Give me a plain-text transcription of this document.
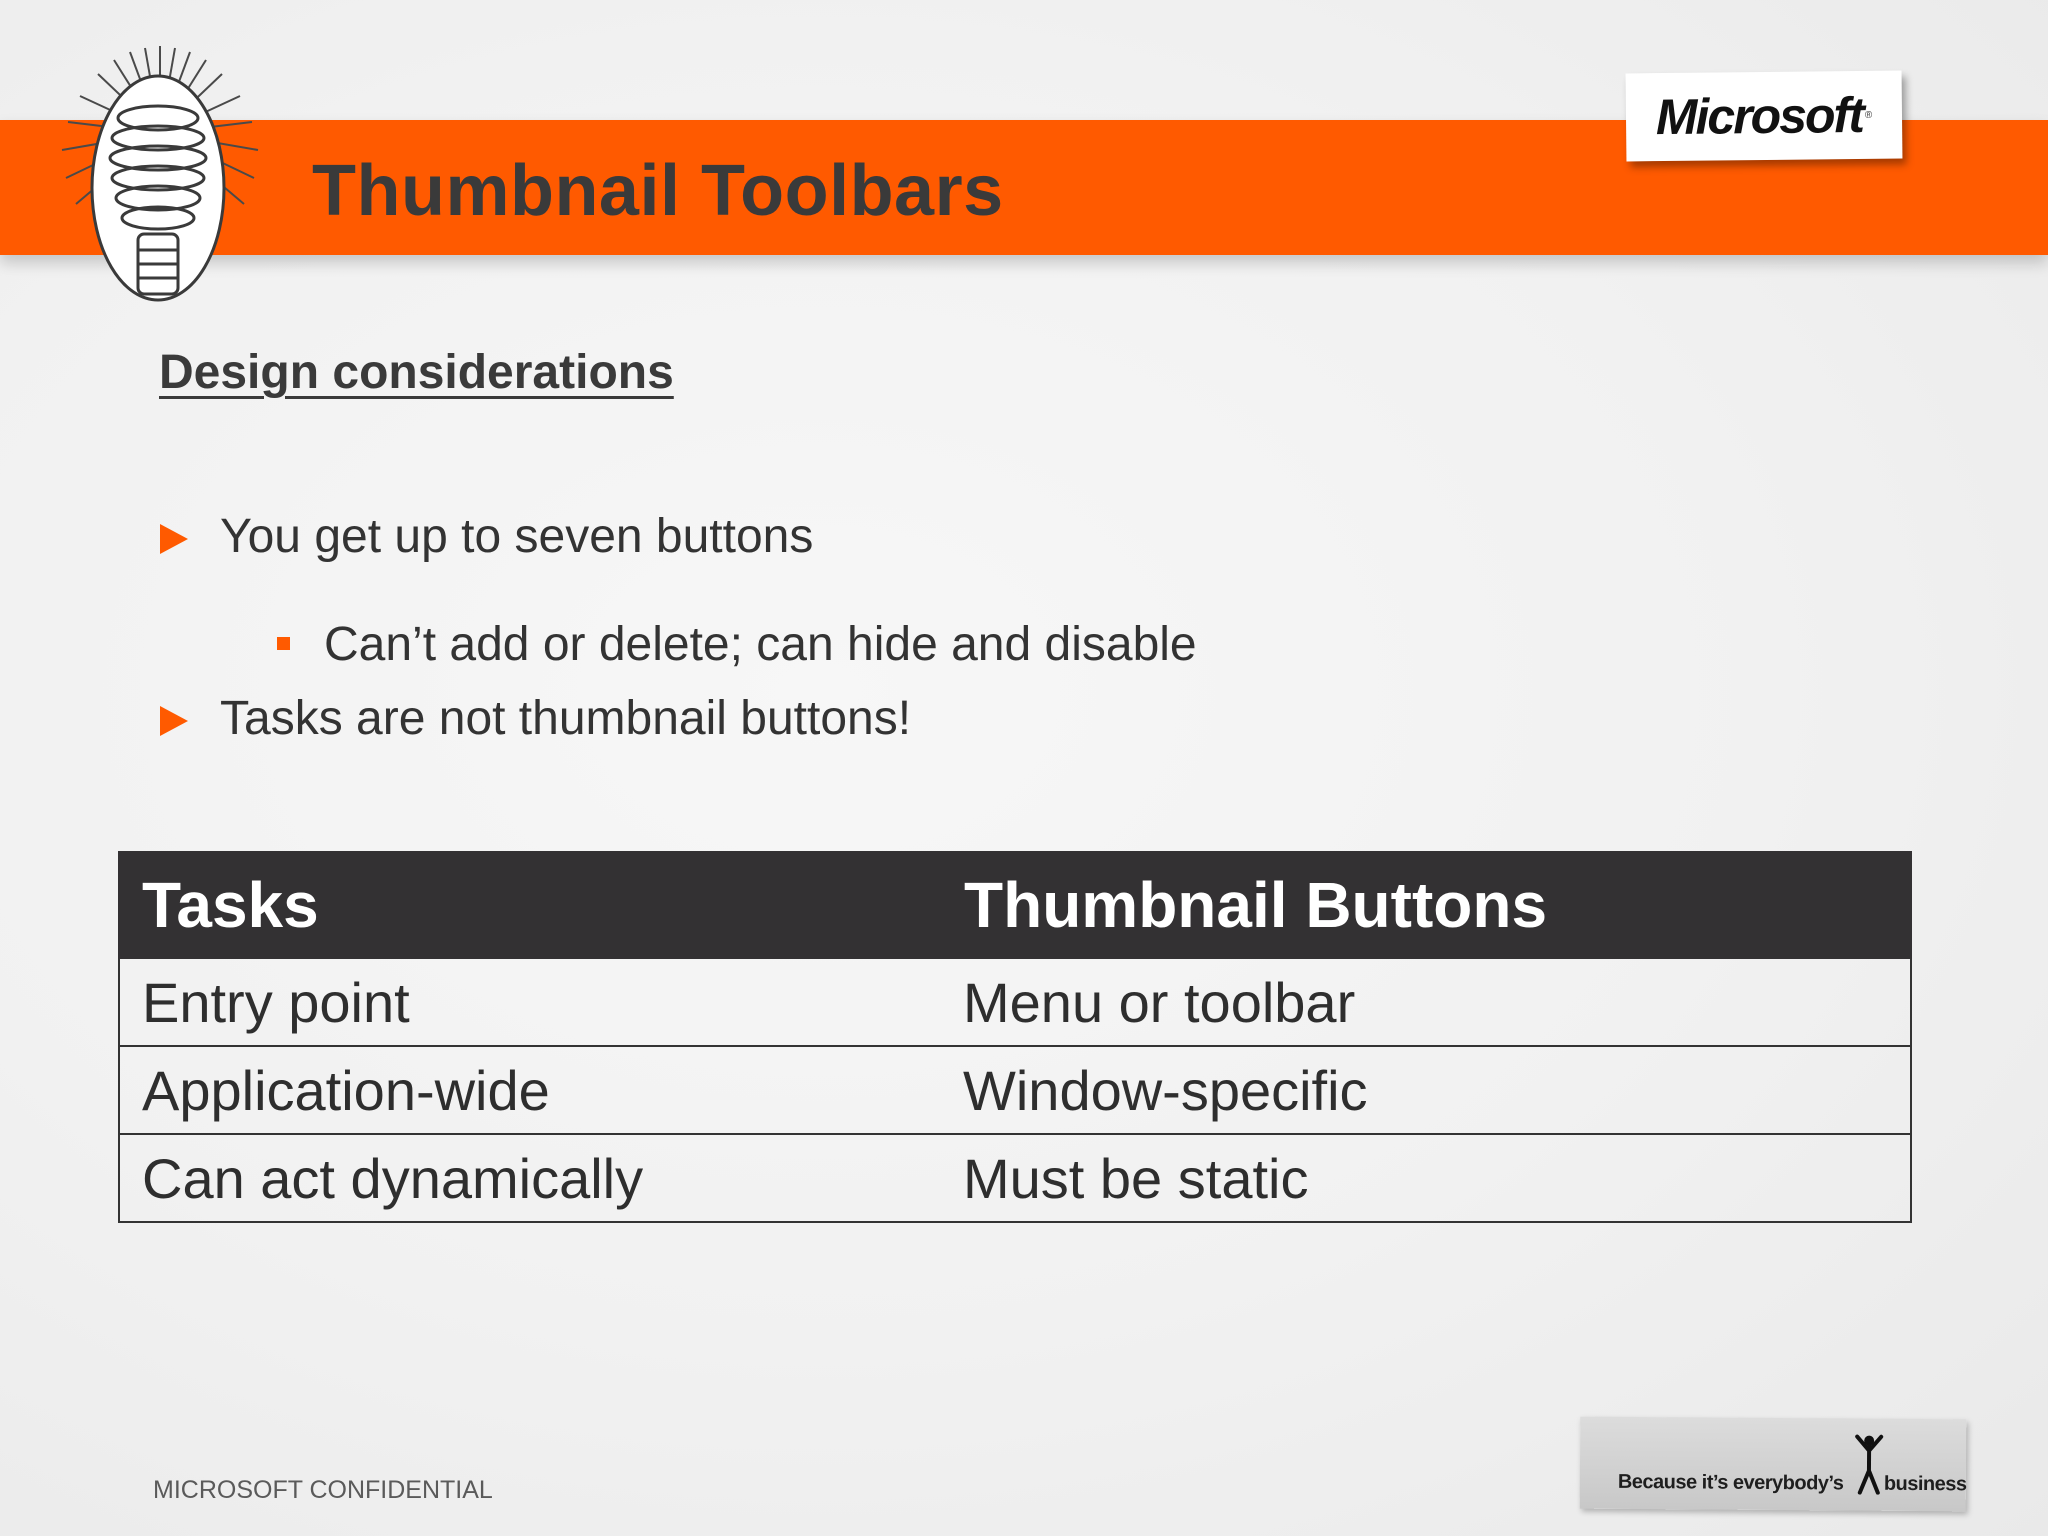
Thumbnail Toolbars
Microsoft ®
Design considerations
You get up to seven buttons
Can’t add or delete; can hide and disable
Tasks are not thumbnail buttons!
Tasks	Thumbnail Buttons
Entry point	Menu or toolbar
Application-wide	Window-specific
Can act dynamically	Must be static
MICROSOFT CONFIDENTIAL	Because it’s everybody’s business
